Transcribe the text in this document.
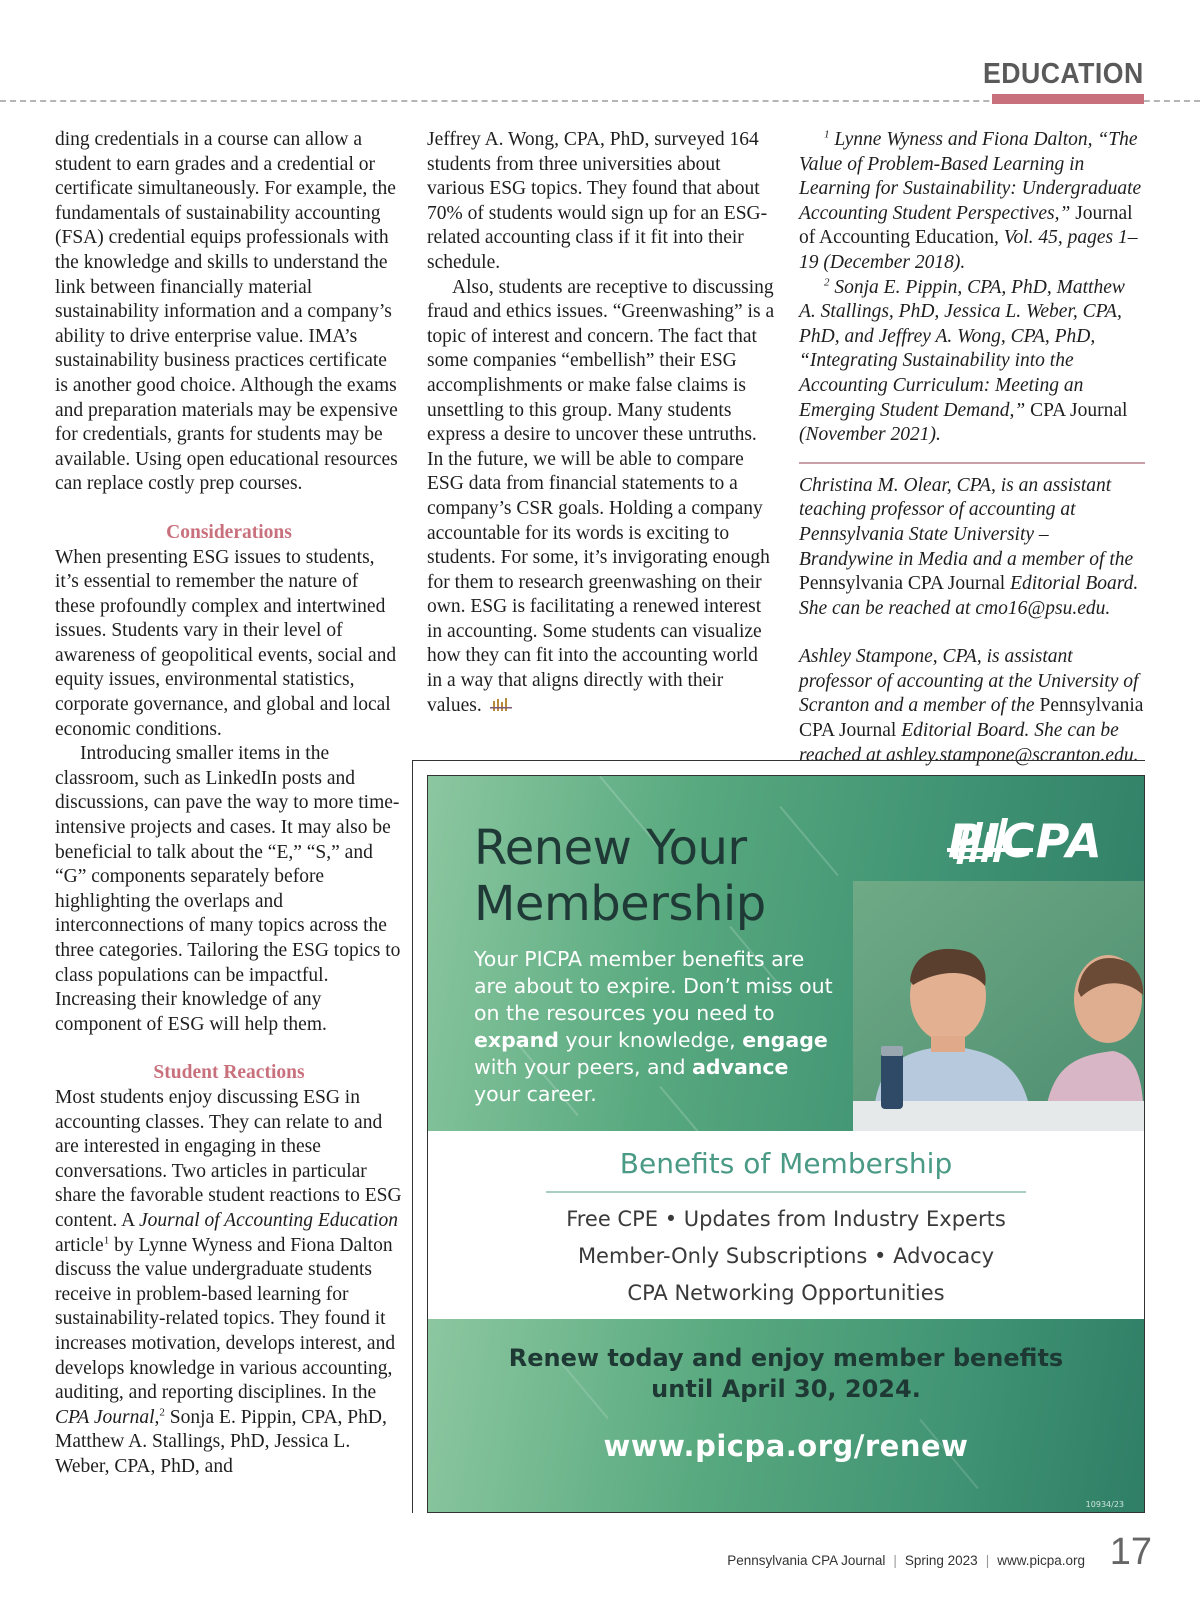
EDUCATION

ding credentials in a course can allow a student to earn grades and a credential or certificate simultaneously. For example, the fundamentals of sustainability accounting (FSA) credential equips professionals with the knowledge and skills to understand the link between financially material sustainability information and a company’s ability to drive enterprise value. IMA’s sustainability business practices certificate is another good choice. Although the exams and preparation materials may be expensive for credentials, grants for students may be available. Using open educational resources can replace costly prep courses.

Considerations

When presenting ESG issues to students, it’s essential to remember the nature of these profoundly complex and intertwined issues. Students vary in their level of awareness of geopolitical events, social and equity issues, environmental statistics, corporate governance, and global and local economic conditions.

Introducing smaller items in the classroom, such as LinkedIn posts and discussions, can pave the way to more time-intensive projects and cases. It may also be beneficial to talk about the “E,” “S,” and “G” components separately before highlighting the overlaps and interconnections of many topics across the three categories. Tailoring the ESG topics to class populations can be impactful. Increasing their knowledge of any component of ESG will help them.

Student Reactions

Most students enjoy discussing ESG in accounting classes. They can relate to and are interested in engaging in these conversations. Two articles in particular share the favorable student reactions to ESG content. A Journal of Accounting Education article$^1$ by Lynne Wyness and Fiona Dalton discuss the value undergraduate students receive in problem-based learning for sustainability-related topics. They found it increases motivation, develops interest, and develops knowledge in various accounting, auditing, and reporting disciplines. In the CPA Journal,$^2$ Sonja E. Pippin, CPA, PhD, Matthew A. Stallings, PhD, Jessica L. Weber, CPA, PhD, and

Jeffrey A. Wong, CPA, PhD, surveyed 164 students from three universities about various ESG topics. They found that about 70% of students would sign up for an ESG-related accounting class if it fit into their schedule.

Also, students are receptive to discussing fraud and ethics issues. “Greenwashing” is a topic of interest and concern. The fact that some companies “embellish” their ESG accomplishments or make false claims is unsettling to this group. Many students express a desire to uncover these untruths. In the future, we will be able to compare ESG data from financial statements to a company’s CSR goals. Holding a company accountable for its words is exciting to students. For some, it’s invigorating enough for them to research greenwashing on their own. ESG is facilitating a renewed interest in accounting. Some students can visualize how they can fit into the accounting world in a way that aligns directly with their values.

$^1$ Lynne Wyness and Fiona Dalton, “The Value of Problem-Based Learning in Learning for Sustainability: Undergraduate Accounting Student Perspectives,” Journal of Accounting Education, Vol. 45, pages 1–19 (December 2018).

$^2$ Sonja E. Pippin, CPA, PhD, Matthew A. Stallings, PhD, Jessica L. Weber, CPA, PhD, and Jeffrey A. Wong, CPA, PhD, “Integrating Sustainability into the Accounting Curriculum: Meeting an Emerging Student Demand,” CPA Journal (November 2021).

Christina M. Olear, CPA, is an assistant teaching professor of accounting at Pennsylvania State University – Brandywine in Media and a member of the Pennsylvania CPA Journal Editorial Board. She can be reached at cmo16@psu.edu.

Ashley Stampone, CPA, is assistant professor of accounting at the University of Scranton and a member of the Pennsylvania CPA Journal Editorial Board. She can be reached at ashley.stampone@scranton.edu.

Renew Your
Membership
Your PICPA member benefits are are about to expire. Don’t miss out on the resources you need to expand your knowledge, engage with your peers, and advance your career.
PICPA
Benefits of Membership
Free CPE • Updates from Industry Experts
Member-Only Subscriptions • Advocacy
CPA Networking Opportunities
Renew today and enjoy member benefits
until April 30, 2024.
www.picpa.org/renew
10934/23
Pennsylvania CPA Journal | Spring 2023 | www.picpa.org 17
